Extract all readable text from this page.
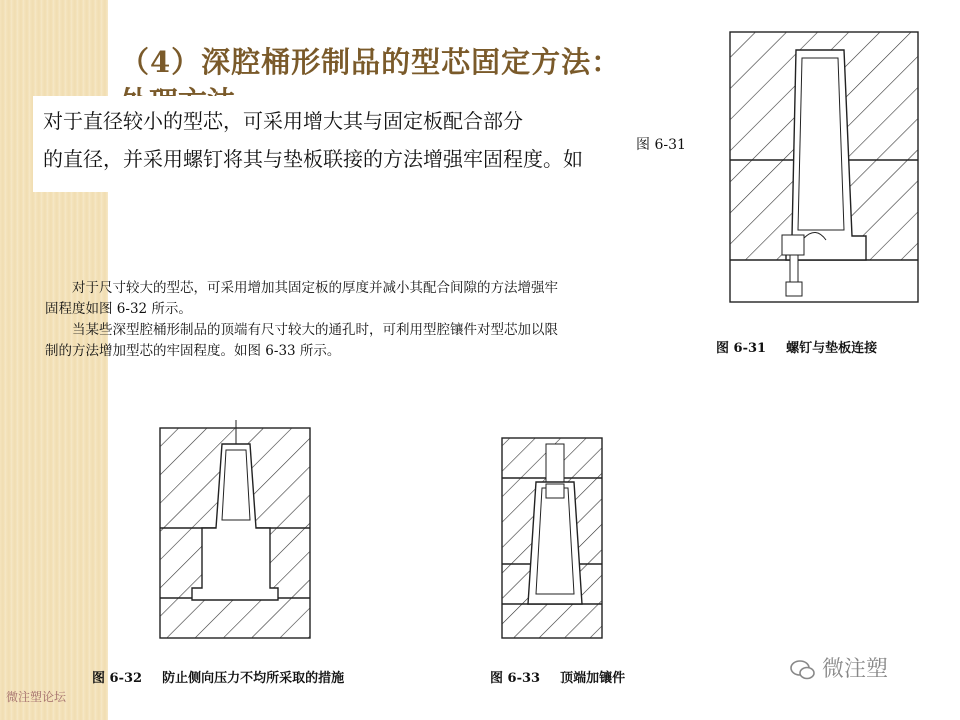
（4）深腔桶形制品的型芯固定方法：

对于直径较小的型芯，可采用增大其与固定板配合部分

的直径，并采用螺钉将其与垫板联接的方法增强牢固程度。如

图 6-31

对于尺寸较大的型芯，可采用增加其固定板的厚度并减小其配合间隙的方法增强牢

固程度如图 6-32 所示。

当某些深型腔桶形制品的顶端有尺寸较大的通孔时，可利用型腔镶件对型芯加以限

制的方法增加型芯的牢固程度。如图 6-33 所示。	图 6-31 螺钉与垫板连接
图 6-32 防止侧向压力不均所采取的措施	图 6-33 顶端加镶件	微注塑
微注塑论坛
